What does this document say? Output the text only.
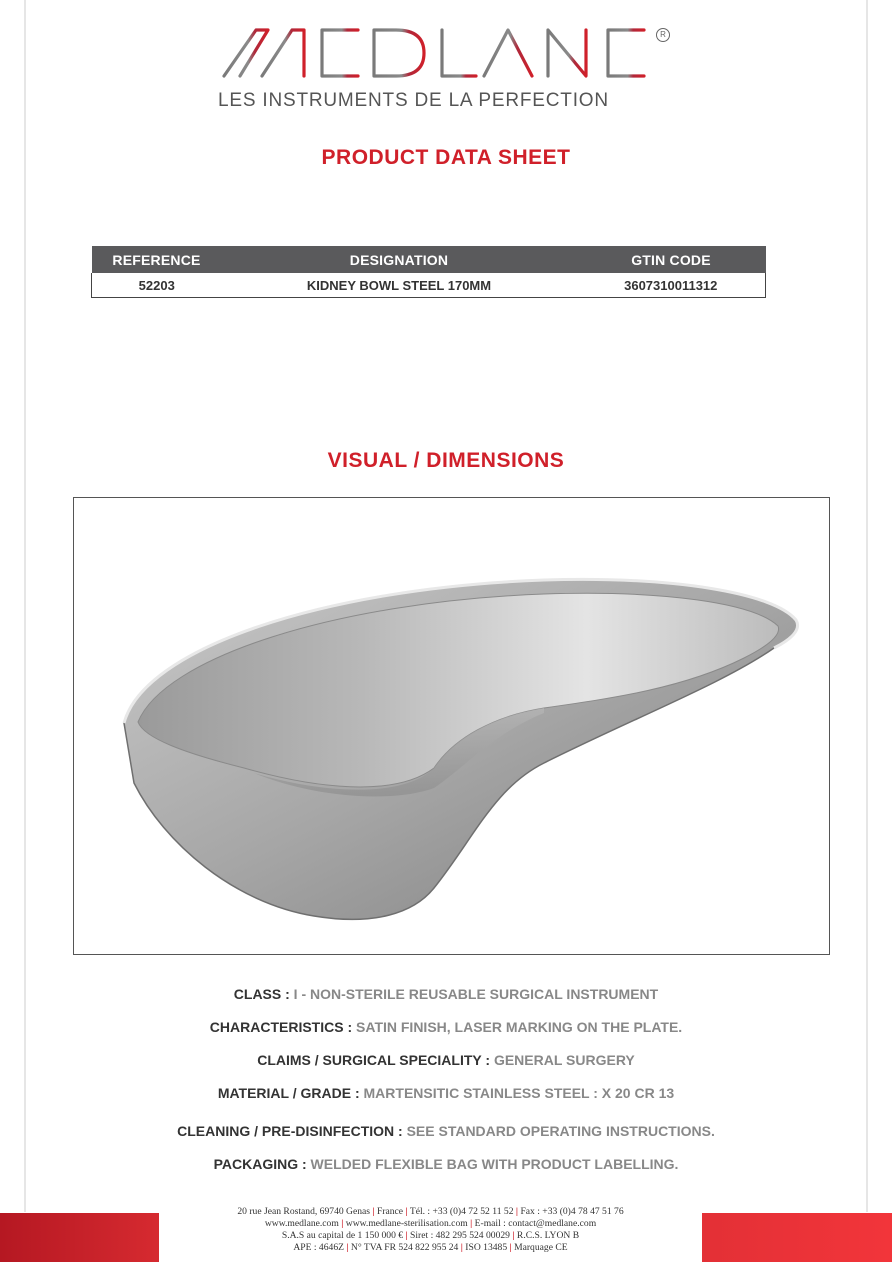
R
LES INSTRUMENTS DE LA PERFECTION
PRODUCT DATA SHEET
REFERENCE	DESIGNATION	GTIN CODE
52203	KIDNEY BOWL STEEL 170MM	3607310011312
VISUAL / DIMENSIONS
CLASS : I - NON-STERILE REUSABLE SURGICAL INSTRUMENT
CHARACTERISTICS : SATIN FINISH, LASER MARKING ON THE PLATE.
CLAIMS / SURGICAL SPECIALITY : GENERAL SURGERY
MATERIAL / GRADE : MARTENSITIC STAINLESS STEEL : X 20 CR 13
CLEANING / PRE-DISINFECTION : SEE STANDARD OPERATING INSTRUCTIONS.
PACKAGING : WELDED FLEXIBLE BAG WITH PRODUCT LABELLING.
20 rue Jean Rostand, 69740 Genas | France | Tél. : +33 (0)4 72 52 11 52 | Fax : +33 (0)4 78 47 51 76
www.medlane.com | www.medlane-sterilisation.com | E-mail : contact@medlane.com
S.A.S au capital de 1 150 000 € | Siret : 482 295 524 00029 | R.C.S. LYON B
APE : 4646Z | N° TVA FR 524 822 955 24 | ISO 13485 | Marquage CE
